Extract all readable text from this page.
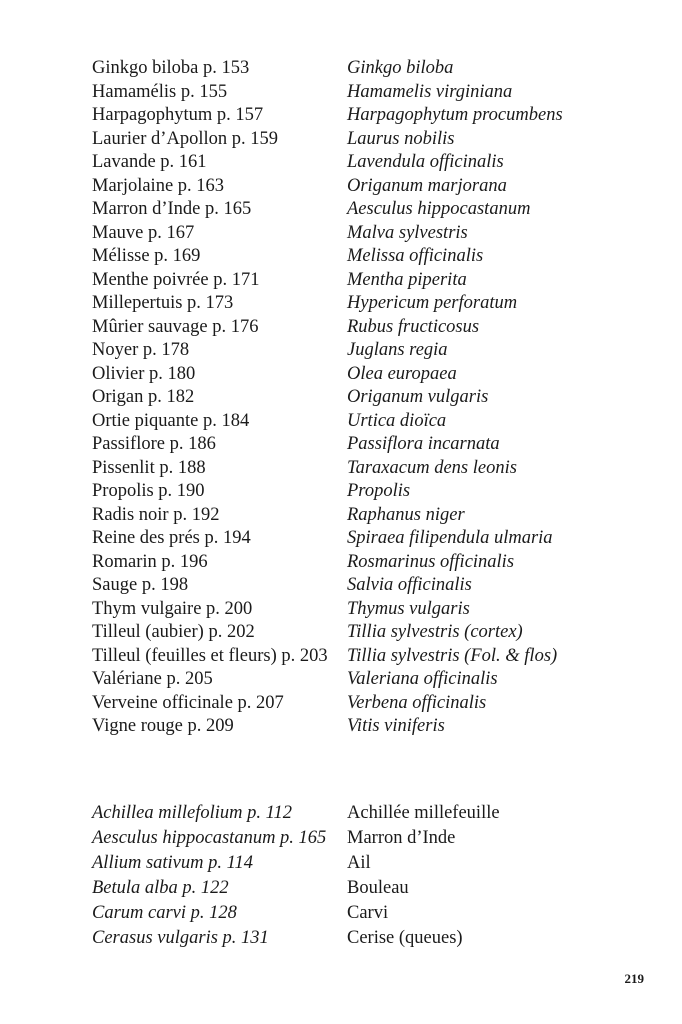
Ginkgo biloba p. 153	Ginkgo biloba
Hamamélis p. 155	Hamamelis virginiana
Harpagophytum p. 157	Harpagophytum procumbens
Laurier d’Apollon p. 159	Laurus nobilis
Lavande p. 161	Lavendula officinalis
Marjolaine p. 163	Origanum marjorana
Marron d’Inde p. 165	Aesculus hippocastanum
Mauve p. 167	Malva sylvestris
Mélisse p. 169	Melissa officinalis
Menthe poivrée p. 171	Mentha piperita
Millepertuis p. 173	Hypericum perforatum
Mûrier sauvage p. 176	Rubus fructicosus
Noyer p. 178	Juglans regia
Olivier p. 180	Olea europaea
Origan p. 182	Origanum vulgaris
Ortie piquante p. 184	Urtica dioïca
Passiflore p. 186	Passiflora incarnata
Pissenlit p. 188	Taraxacum dens leonis
Propolis p. 190	Propolis
Radis noir p. 192	Raphanus niger
Reine des prés p. 194	Spiraea filipendula ulmaria
Romarin p. 196	Rosmarinus officinalis
Sauge p. 198	Salvia officinalis
Thym vulgaire p. 200	Thymus vulgaris
Tilleul (aubier) p. 202	Tillia sylvestris (cortex)
Tilleul (feuilles et fleurs) p. 203	Tillia sylvestris (Fol. & flos)
Valériane p. 205	Valeriana officinalis
Verveine officinale p. 207	Verbena officinalis
Vigne rouge p. 209	Vitis viniferis
Achillea millefolium p. 112	Achillée millefeuille
Aesculus hippocastanum p. 165	Marron d’Inde
Allium sativum p. 114	Ail
Betula alba p. 122	Bouleau
Carum carvi p. 128	Carvi
Cerasus vulgaris p. 131	Cerise (queues)
219
